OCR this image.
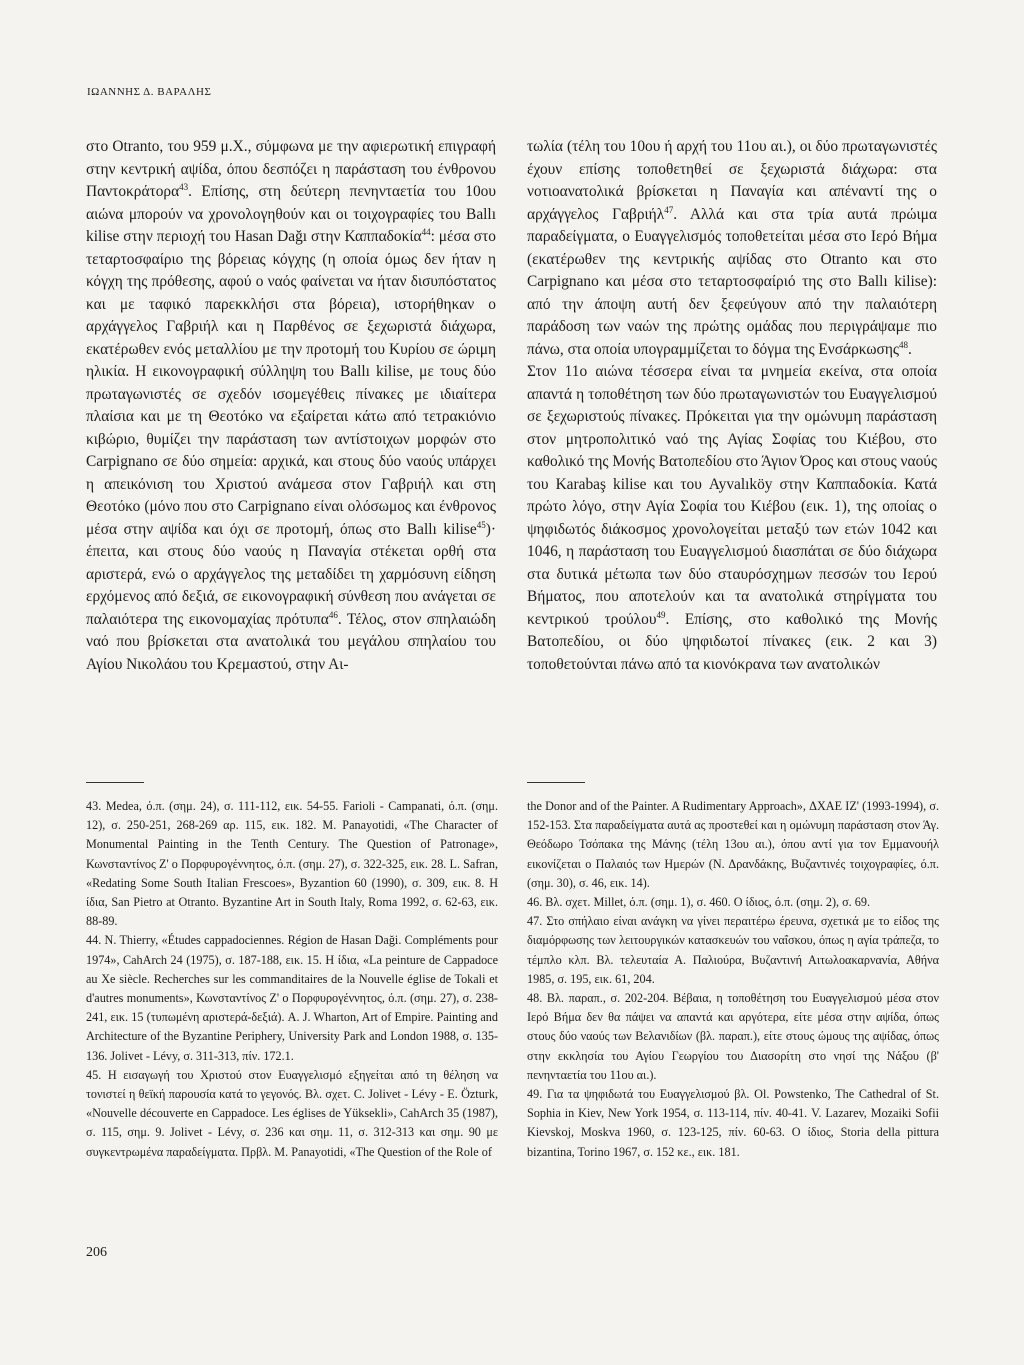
ΙΩΑΝΝΗΣ Δ. ΒΑΡΑΛΗΣ

στο Otranto, του 959 μ.Χ., σύμφωνα με την αφιερωτική επιγραφή στην κεντρική αψίδα, όπου δεσπόζει η παράσταση του ένθρονου Παντοκράτορα$^{43}$. Επίσης, στη δεύτερη πενηνταετία του 10ου αιώνα μπορούν να χρονολογηθούν και οι τοιχογραφίες του Ballı kilise στην περιοχή του Hasan Dağı στην Καππαδοκία$^{44}$: μέσα στο τεταρτοσφαίριο της βόρειας κόγχης (η οποία όμως δεν ήταν η κόγχη της πρόθεσης, αφού ο ναός φαίνεται να ήταν δισυπόστατος και με ταφικό παρεκκλήσι στα βόρεια), ιστορήθηκαν ο αρχάγγελος Γαβριήλ και η Παρθένος σε ξεχωριστά διάχωρα, εκατέρωθεν ενός μεταλλίου με την προτομή του Κυρίου σε ώριμη ηλικία. Η εικονογραφική σύλληψη του Ballı kilise, με τους δύο πρωταγωνιστές σε σχεδόν ισομεγέθεις πίνακες με ιδιαίτερα πλαίσια και με τη Θεοτόκο να εξαίρεται κάτω από τετρακιόνιο κιβώριο, θυμίζει την παράσταση των αντίστοιχων μορφών στο Carpignano σε δύο σημεία: αρχικά, και στους δύο ναούς υπάρχει η απεικόνιση του Χριστού ανάμεσα στον Γαβριήλ και στη Θεοτόκο (μόνο που στο Carpignano είναι ολόσωμος και ένθρονος μέσα στην αψίδα και όχι σε προτομή, όπως στο Ballı kilise$^{45}$)· έπειτα, και στους δύο ναούς η Παναγία στέκεται ορθή στα αριστερά, ενώ ο αρχάγγελος της μεταδίδει τη χαρμόσυνη είδηση ερχόμενος από δεξιά, σε εικονογραφική σύνθεση που ανάγεται σε παλαιότερα της εικονομαχίας πρότυπα$^{46}$. Τέλος, στον σπηλαιώδη ναό που βρίσκεται στα ανατολικά του μεγάλου σπηλαίου του Αγίου Νικολάου του Κρεμαστού, στην Αι-

τωλία (τέλη του 10ου ή αρχή του 11ου αι.), οι δύο πρωταγωνιστές έχουν επίσης τοποθετηθεί σε ξεχωριστά διάχωρα: στα νοτιοανατολικά βρίσκεται η Παναγία και απέναντί της ο αρχάγγελος Γαβριήλ$^{47}$. Αλλά και στα τρία αυτά πρώιμα παραδείγματα, ο Ευαγγελισμός τοποθετείται μέσα στο Ιερό Βήμα (εκατέρωθεν της κεντρικής αψίδας στο Otranto και στο Carpignano και μέσα στο τεταρτοσφαίριό της στο Ballı kilise): από την άποψη αυτή δεν ξεφεύγουν από την παλαιότερη παράδοση των ναών της πρώτης ομάδας που περιγράψαμε πιο πάνω, στα οποία υπογραμμίζεται το δόγμα της Ενσάρκωσης$^{48}$.

Στον 11ο αιώνα τέσσερα είναι τα μνημεία εκείνα, στα οποία απαντά η τοποθέτηση των δύο πρωταγωνιστών του Ευαγγελισμού σε ξεχωριστούς πίνακες. Πρόκειται για την ομώνυμη παράσταση στον μητροπολιτικό ναό της Αγίας Σοφίας του Κιέβου, στο καθολικό της Μονής Βατοπεδίου στο Άγιον Όρος και στους ναούς του Karabaş kilise και του Ayvalıköy στην Καππαδοκία. Κατά πρώτο λόγο, στην Αγία Σοφία του Κιέβου (εικ. 1), της οποίας ο ψηφιδωτός διάκοσμος χρονολογείται μεταξύ των ετών 1042 και 1046, η παράσταση του Ευαγγελισμού διασπάται σε δύο διάχωρα στα δυτικά μέτωπα των δύο σταυρόσχημων πεσσών του Ιερού Βήματος, που αποτελούν και τα ανατολικά στηρίγματα του κεντρικού τρούλου$^{49}$. Επίσης, στο καθολικό της Μονής Βατοπεδίου, οι δύο ψηφιδωτοί πίνακες (εικ. 2 και 3) τοποθετούνται πάνω από τα κιονόκρανα των ανατολικών

43. Medea, ό.π. (σημ. 24), σ. 111-112, εικ. 54-55. Farioli - Campanati, ό.π. (σημ. 12), σ. 250-251, 268-269 αρ. 115, εικ. 182. Μ. Panayotidi, «The Character of Monumental Painting in the Tenth Century. The Question of Patronage», Κωνσταντίνος Ζ' ο Πορφυρογέννητος, ό.π. (σημ. 27), σ. 322-325, εικ. 28. L. Safran, «Redating Some South Italian Frescoes», Byzantion 60 (1990), σ. 309, εικ. 8. Η ίδια, San Pietro at Otranto. Byzantine Art in South Italy, Roma 1992, σ. 62-63, εικ. 88-89.

44. N. Thierry, «Études cappadociennes. Région de Hasan Daği. Compléments pour 1974», CahArch 24 (1975), σ. 187-188, εικ. 15. Η ίδια, «La peinture de Cappadoce au Xe siècle. Recherches sur les commanditaires de la Nouvelle église de Tokali et d'autres monuments», Κωνσταντίνος Ζ' ο Πορφυρογέννητος, ό.π. (σημ. 27), σ. 238-241, εικ. 15 (τυπωμένη αριστερά-δεξιά). A. J. Wharton, Art of Empire. Painting and Architecture of the Byzantine Periphery, University Park and London 1988, σ. 135-136. Jolivet - Lévy, σ. 311-313, πίν. 172.1.

45. Η εισαγωγή του Χριστού στον Ευαγγελισμό εξηγείται από τη θέληση να τονιστεί η θεϊκή παρουσία κατά το γεγονός. Βλ. σχετ. C. Jolivet - Lévy - E. Özturk, «Nouvelle découverte en Cappadoce. Les églises de Yüksekli», CahArch 35 (1987), σ. 115, σημ. 9. Jolivet - Lévy, σ. 236 και σημ. 11, σ. 312-313 και σημ. 90 με συγκεντρωμένα παραδείγματα. Πρβλ. Μ. Panayotidi, «The Question of the Role of

the Donor and of the Painter. A Rudimentary Approach», ΔΧΑΕ ΙΖ' (1993-1994), σ. 152-153. Στα παραδείγματα αυτά ας προστεθεί και η ομώνυμη παράσταση στον Άγ. Θεόδωρο Τσόπακα της Μάνης (τέλη 13ου αι.), όπου αντί για τον Εμμανουήλ εικονίζεται ο Παλαιός των Ημερών (Ν. Δρανδάκης, Βυζαντινές τοιχογραφίες, ό.π. (σημ. 30), σ. 46, εικ. 14).

46. Βλ. σχετ. Millet, ό.π. (σημ. 1), σ. 460. Ο ίδιος, ό.π. (σημ. 2), σ. 69.

47. Στο σπήλαιο είναι ανάγκη να γίνει περαιτέρω έρευνα, σχετικά με το είδος της διαμόρφωσης των λειτουργικών κατασκευών του ναΐσκου, όπως η αγία τράπεζα, το τέμπλο κλπ. Βλ. τελευταία Α. Παλιούρα, Βυζαντινή Αιτωλοακαρνανία, Αθήνα 1985, σ. 195, εικ. 61, 204.

48. Βλ. παραπ., σ. 202-204. Βέβαια, η τοποθέτηση του Ευαγγελισμού μέσα στον Ιερό Βήμα δεν θα πάψει να απαντά και αργότερα, είτε μέσα στην αψίδα, όπως στους δύο ναούς των Βελανιδίων (βλ. παραπ.), είτε στους ώμους της αψίδας, όπως στην εκκλησία του Αγίου Γεωργίου του Διασορίτη στο νησί της Νάξου (β' πενηνταετία του 11ου αι.).

49. Για τα ψηφιδωτά του Ευαγγελισμού βλ. Ol. Powstenko, The Cathedral of St. Sophia in Kiev, New York 1954, σ. 113-114, πίν. 40-41. V. Lazarev, Mozaiki Sofii Kievskoj, Moskva 1960, σ. 123-125, πίν. 60-63. Ο ίδιος, Storia della pittura bizantina, Torino 1967, σ. 152 κε., εικ. 181.

206
